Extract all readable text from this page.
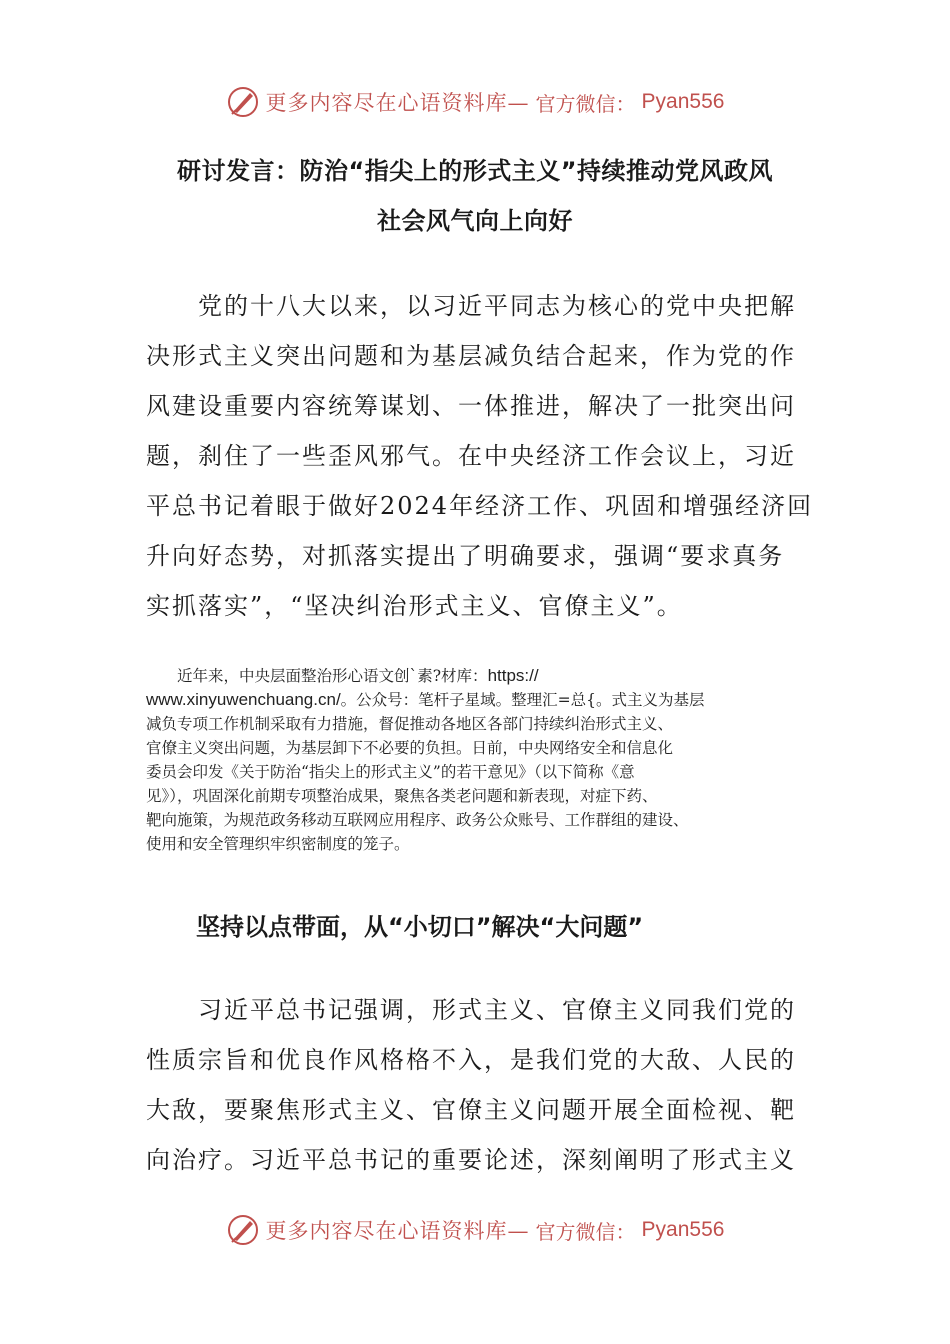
更多内容尽在心语资料库— 官方微信： Pyan556
研讨发言：防治“指尖上的形式主义”持续推动党风政风
社会风气向上向好
　　党的十八大以来，以习近平同志为核心的党中央把解
决形式主义突出问题和为基层减负结合起来，作为党的作
风建设重要内容统筹谋划、一体推进，解决了一批突出问
题，刹住了一些歪风邪气。在中央经济工作会议上，习近
平总书记着眼于做好2024年经济工作、巩固和增强经济回
升向好态势，对抓落实提出了明确要求，强调“要求真务
实抓落实”，“坚决纠治形式主义、官僚主义”。
　　近年来，中央层面整治形心语文创`素?材库：https://
www.xinyuwenchuang.cn/。公众号：笔杆子星域。整理汇=总{。式主义为基层
减负专项工作机制采取有力措施，督促推动各地区各部门持续纠治形式主义、
官僚主义突出问题，为基层卸下不必要的负担。日前，中央网络安全和信息化
委员会印发《关于防治“指尖上的形式主义”的若干意见》（以下简称《意
见》），巩固深化前期专项整治成果，聚焦各类老问题和新表现，对症下药、
靶向施策，为规范政务移动互联网应用程序、政务公众账号、工作群组的建设、
使用和安全管理织牢织密制度的笼子。
坚持以点带面，从“小切口”解决“大问题”
　　习近平总书记强调，形式主义、官僚主义同我们党的
性质宗旨和优良作风格格不入，是我们党的大敌、人民的
大敌，要聚焦形式主义、官僚主义问题开展全面检视、靶
向治疗。习近平总书记的重要论述，深刻阐明了形式主义
更多内容尽在心语资料库— 官方微信： Pyan556
